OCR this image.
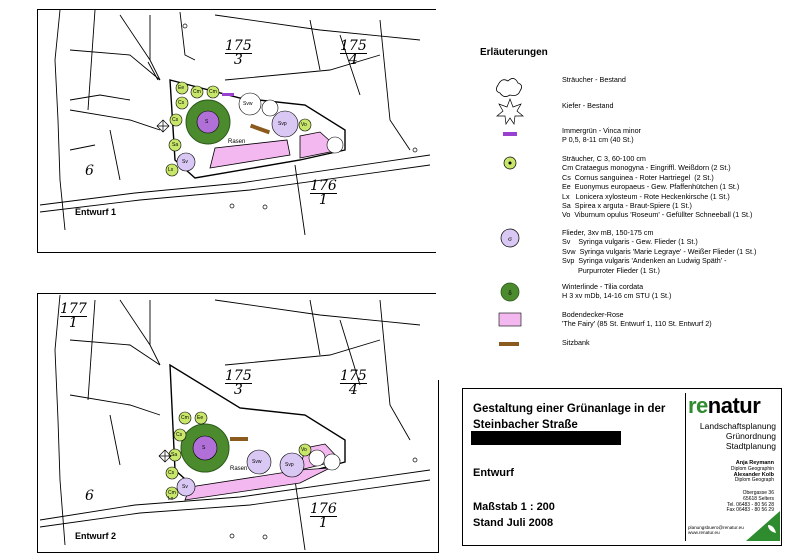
175
3
175
4
176
1
6
Rasen
Entwurf 1
Ee
Cs
Cm Cm
Sa
Cs
Svw
Svp	Vo
Sv
Lx
S
177
1
175
3
175
4
176
1
6
Rasen
Entwurf 2
Cm Ee
Cs
Sa
Cs
Cm
Svw	Svp
Vo
Sv
Lx
S
Erläuterungen
Sträucher - Bestand
Kiefer - Bestand
Immergrün - Vinca minor
P 0,5, 8-11 cm (40 St.)
Sträucher, C 3, 60-100 cm
Cm Crataegus monogyna - Eingriffl. Weißdorn (2 St.)
Cs  Cornus sanguinea - Roter Hartriegel  (2 St.)
Ee  Euonymus europaeus - Gew. Pfaffenhütchen (1 St.)
Lx   Lonicera xylosteum - Rote Heckenkirsche (1 St.)
Sa  Spirea x arguta - Braut-Spiere (1 St.)
Vo  Viburnum opulus 'Roseum' - Gefüllter Schneeball (1 St.)
σ
Flieder, 3xv mB, 150-175 cm
Sv    Syringa vulgaris - Gew. Flieder (1 St.)
Svw  Syringa vulgaris 'Marie Legraye' - Weißer Flieder (1 St.)
Svp  Syringa vulgaris 'Andenken an Ludwig Späth' -
Purpurroter Flieder (1 St.)
δ
Winterlinde - Tilia cordata
H 3 xv mDb, 14-16 cm STU (1 St.)
Bodendecker-Rose
'The Fairy' (85 St. Entwurf 1, 110 St. Entwurf 2)
Sitzbank
Gestaltung einer Grünanlage in der Steinbacher Straße
Entwurf
Maßstab 1 : 200
Stand Juli 2008
renatur
Landschaftsplanung
Grünordnung
Stadtplanung
Anja Reymann
Diplom Geographin
Alexander Kolb
Diplom Geograph
Obergasse 36
65618 Selters
Tel. 06483 - 80 56 28
Fax 06483 - 80 56 29
planungsbuero@renatur.eu
www.renatur.eu
